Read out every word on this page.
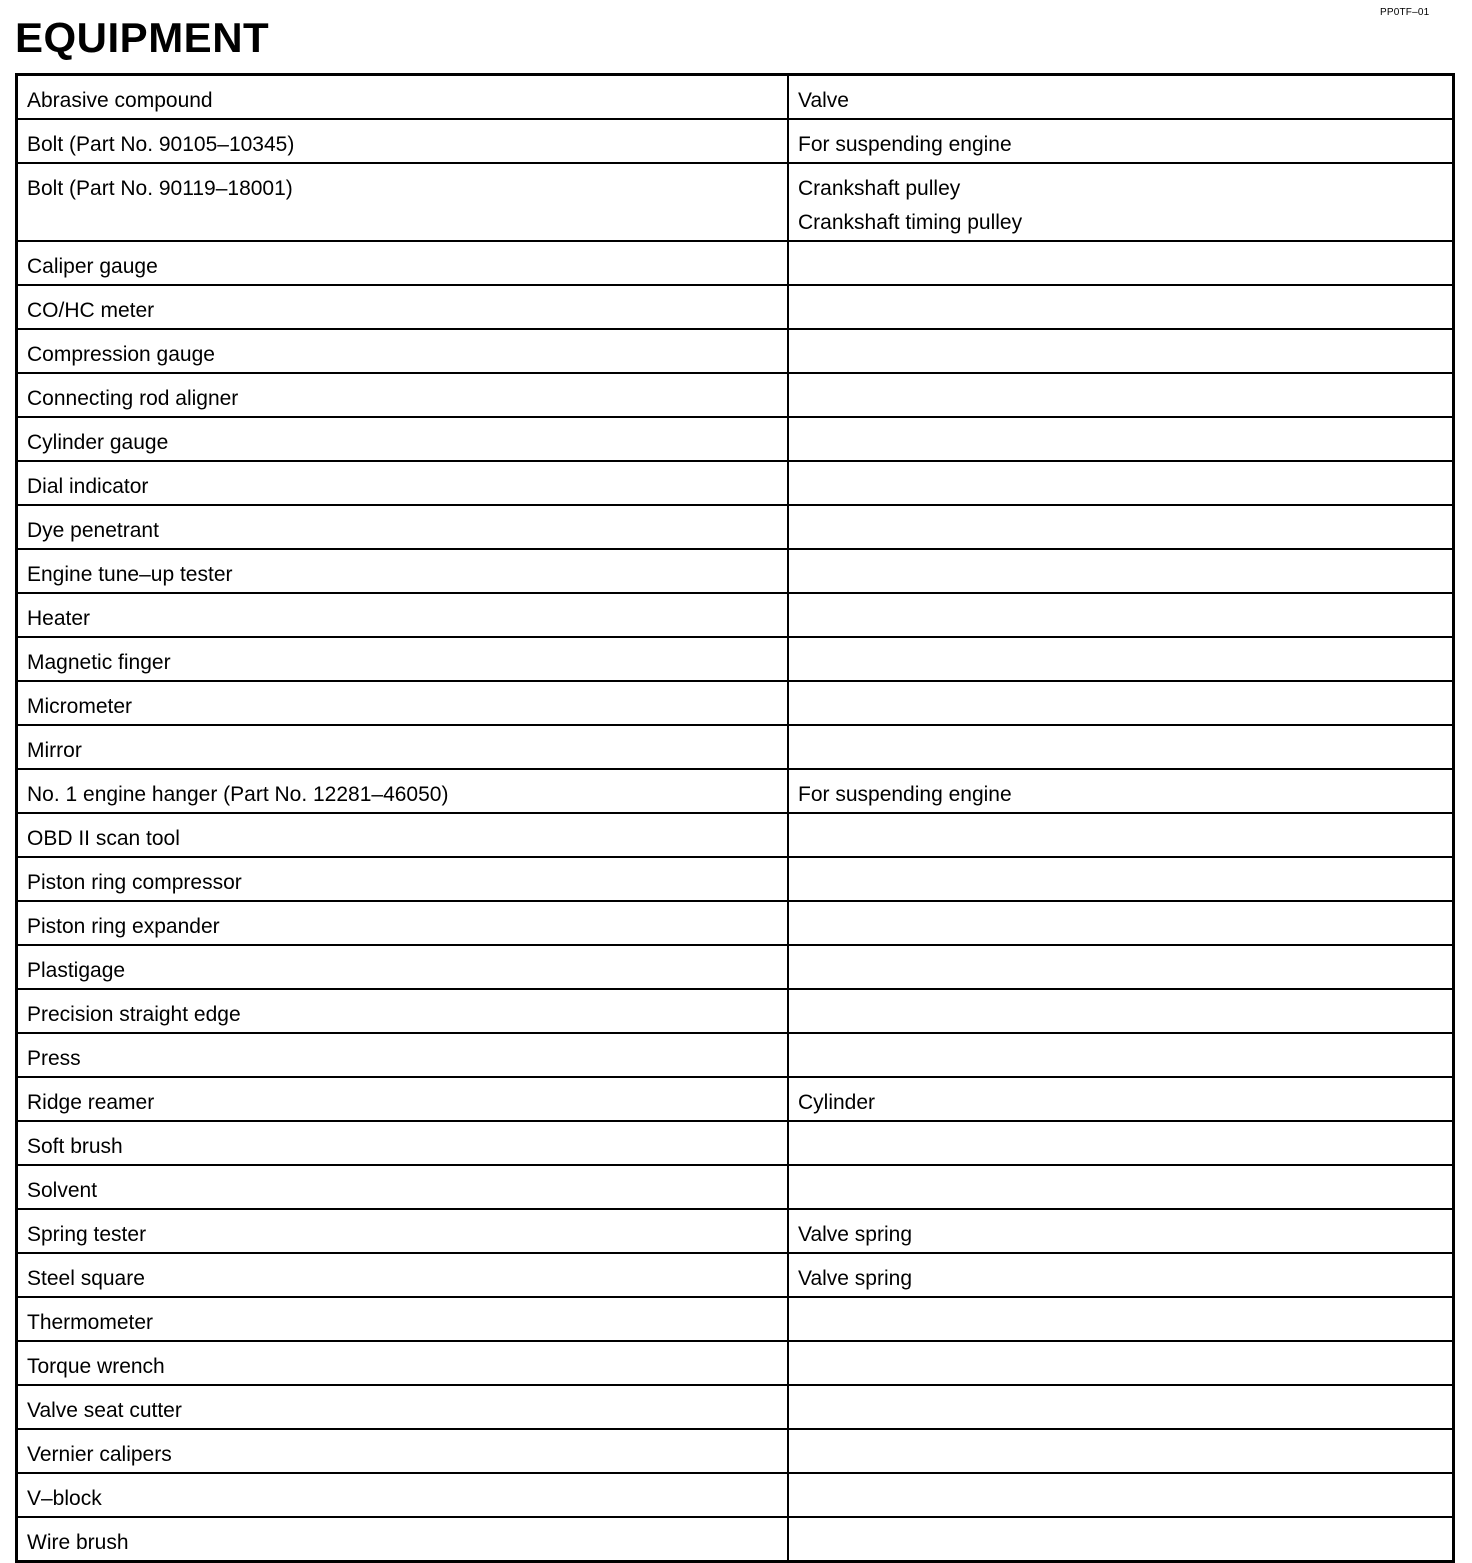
PP0TF–01
EQUIPMENT
Abrasive compound	Valve

Bolt (Part No. 90105–10345)	For suspending engine

Bolt (Part No. 90119–18001)	Crankshaft pulley
Crankshaft timing pulley

Caliper gauge	
CO/HC meter	
Compression gauge	
Connecting rod aligner	
Cylinder gauge	
Dial indicator	
Dye penetrant	
Engine tune–up tester	
Heater	
Magnetic finger	
Micrometer	
Mirror	
No. 1 engine hanger (Part No. 12281–46050)	For suspending engine

OBD II scan tool	
Piston ring compressor	
Piston ring expander	
Plastigage	
Precision straight edge	
Press	
Ridge reamer	Cylinder

Soft brush	
Solvent	
Spring tester	Valve spring

Steel square	Valve spring

Thermometer	
Torque wrench	
Valve seat cutter	
Vernier calipers	
V–block	
Wire brush	
